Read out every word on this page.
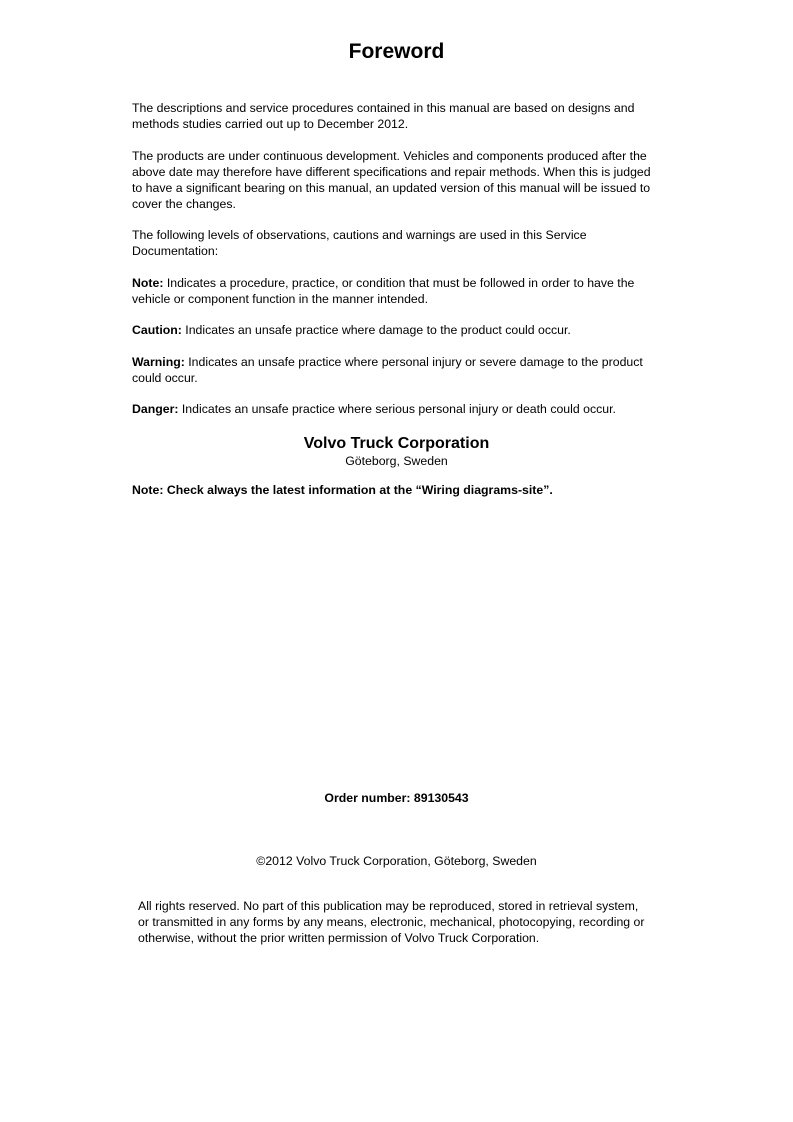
Foreword

The descriptions and service procedures contained in this manual are based on designs and methods studies carried out up to December 2012.

The products are under continuous development. Vehicles and components produced after the above date may therefore have different specifications and repair methods. When this is judged to have a significant bearing on this manual, an updated version of this manual will be issued to cover the changes.

The following levels of observations, cautions and warnings are used in this Service Documentation:

Note: Indicates a procedure, practice, or condition that must be followed in order to have the vehicle or component function in the manner intended.

Caution: Indicates an unsafe practice where damage to the product could occur.

Warning: Indicates an unsafe practice where personal injury or severe damage to the product could occur.

Danger: Indicates an unsafe practice where serious personal injury or death could occur.

Volvo Truck Corporation
Göteborg, Sweden
Note: Check always the latest information at the “Wiring diagrams-site”.
Order number: 89130543
©2012 Volvo Truck Corporation, Göteborg, Sweden
All rights reserved. No part of this publication may be reproduced, stored in retrieval system,
or transmitted in any forms by any means, electronic, mechanical, photocopying, recording or
otherwise, without the prior written permission of Volvo Truck Corporation.
